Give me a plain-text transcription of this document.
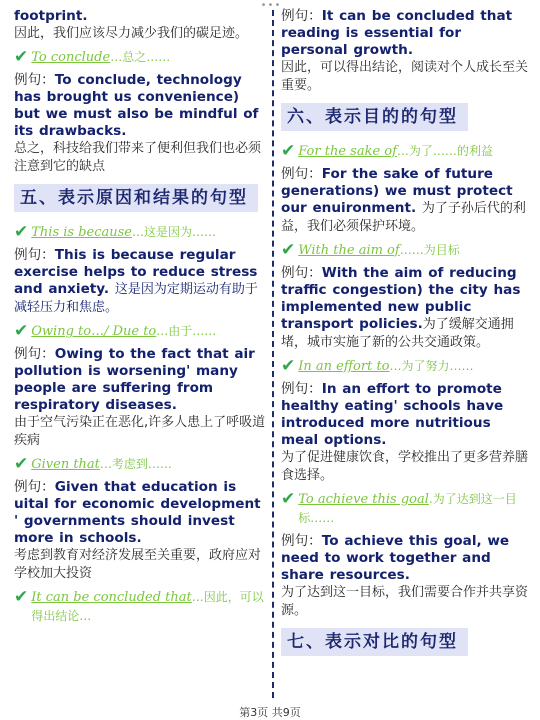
•••
footprint.
因此，我们应该尽力减少我们的碳足迹。
✔ To conclude…总之……
例句：To conclude, technology has brought us convenience) but we must also be mindful of its drawbacks.
总之，科技给我们带来了便利但我们也必须注意到它的缺点
五、表示原因和结果的句型
✔ This is because…这是因为……
例句：This is because regular exercise helps to reduce stress and anxiety. 这是因为定期运动有助于减轻压力和焦虑。
✔ Owing to…/ Due to…由于……
例句：Owing to the fact that air pollution is worsening' many people are suffering from respiratory diseases.
由于空气污染正在恶化,许多人患上了呼吸道疾病
✔ Given that…考虑到……
例句：Given that education is uital for economic development ' governments should invest more in schools.
考虑到教育对经济发展至关重要，政府应对学校加大投资
✔ It can be concluded that…因此，可以得出结论…
例句：It can be concluded that reading is essential for personal growth.
因此，可以得出结论，阅读对个人成长至关重要。
六、表示目的的句型
✔ For the sake of…为了……的利益
例句：For the sake of future generations) we must protect our enuironment. 为了子孙后代的利益，我们必须保护环境。
✔ With the aim of……为目标
例句：With the aim of reducing traffic congestion) the city has implemented new public transport policies.为了缓解交通拥堵，城市实施了新的公共交通政策。
✔ In an effort to…为了努力……
例句：In an effort to promote healthy eating' schools have introduced more nutritious meal options.
为了促进健康饮食，学校推出了更多营养膳食选择。
✔ To achieve this goal.为了达到这一目标……
例句：To achieve this goal, we need to work together and share resources.
为了达到这一目标，我们需要合作并共享资源。
七、表示对比的句型
第3页 共9页
